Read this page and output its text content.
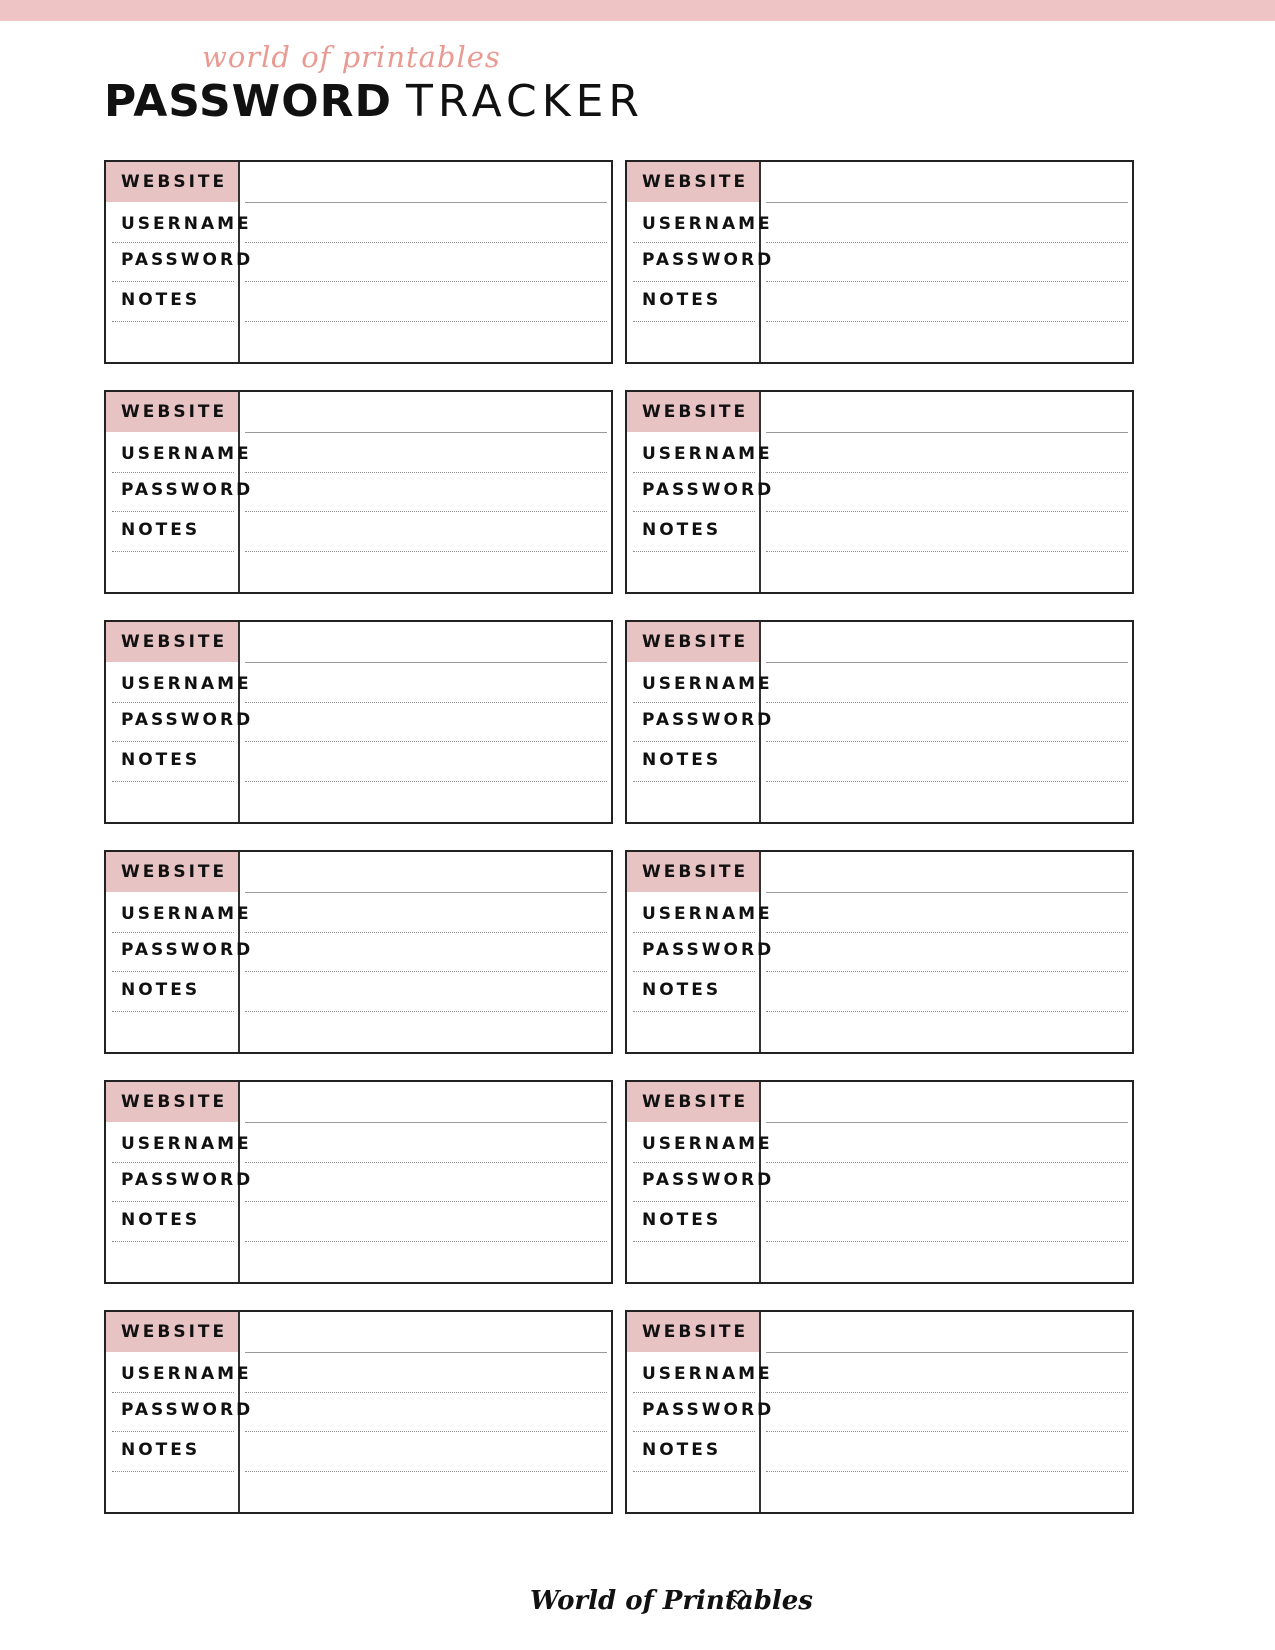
world of printables
PASSWORD TRACKER
WEBSITE
USERNAME
PASSWORD
NOTES
WEBSITE
USERNAME
PASSWORD
NOTES
WEBSITE
USERNAME
PASSWORD
NOTES
WEBSITE
USERNAME
PASSWORD
NOTES
WEBSITE
USERNAME
PASSWORD
NOTES
WEBSITE
USERNAME
PASSWORD
NOTES
WEBSITE
USERNAME
PASSWORD
NOTES
WEBSITE
USERNAME
PASSWORD
NOTES
WEBSITE
USERNAME
PASSWORD
NOTES
WEBSITE
USERNAME
PASSWORD
NOTES
WEBSITE
USERNAME
PASSWORD
NOTES
WEBSITE
USERNAME
PASSWORD
NOTES
World of Printables
